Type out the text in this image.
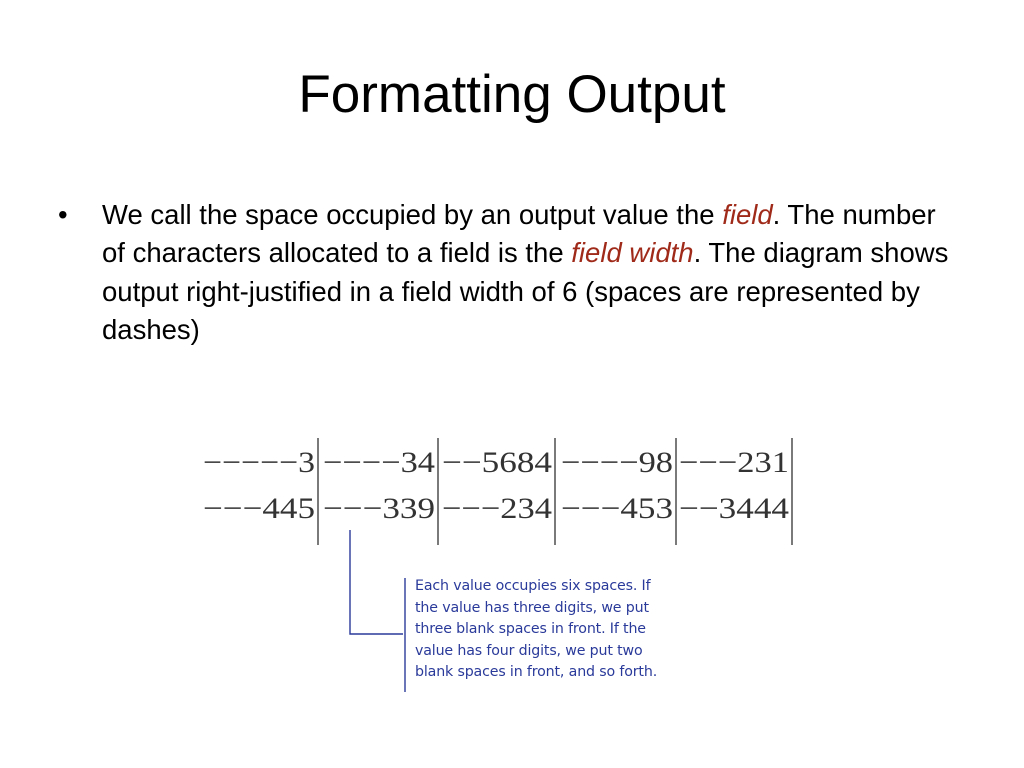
Formatting Output
•	We call the space occupied by an output value the field. The number of characters allocated to a field is the field width. The diagram shows output right-justified in a field width of 6 (spaces are represented by dashes)
−−−−−3 −−−−34 −−5684 −−−−98 −−−231
−−−445 −−−339 −−−234 −−−453 −−3444
Each value occupies six spaces. If
the value has three digits, we put
three blank spaces in front. If the
value has four digits, we put two
blank spaces in front, and so forth.
